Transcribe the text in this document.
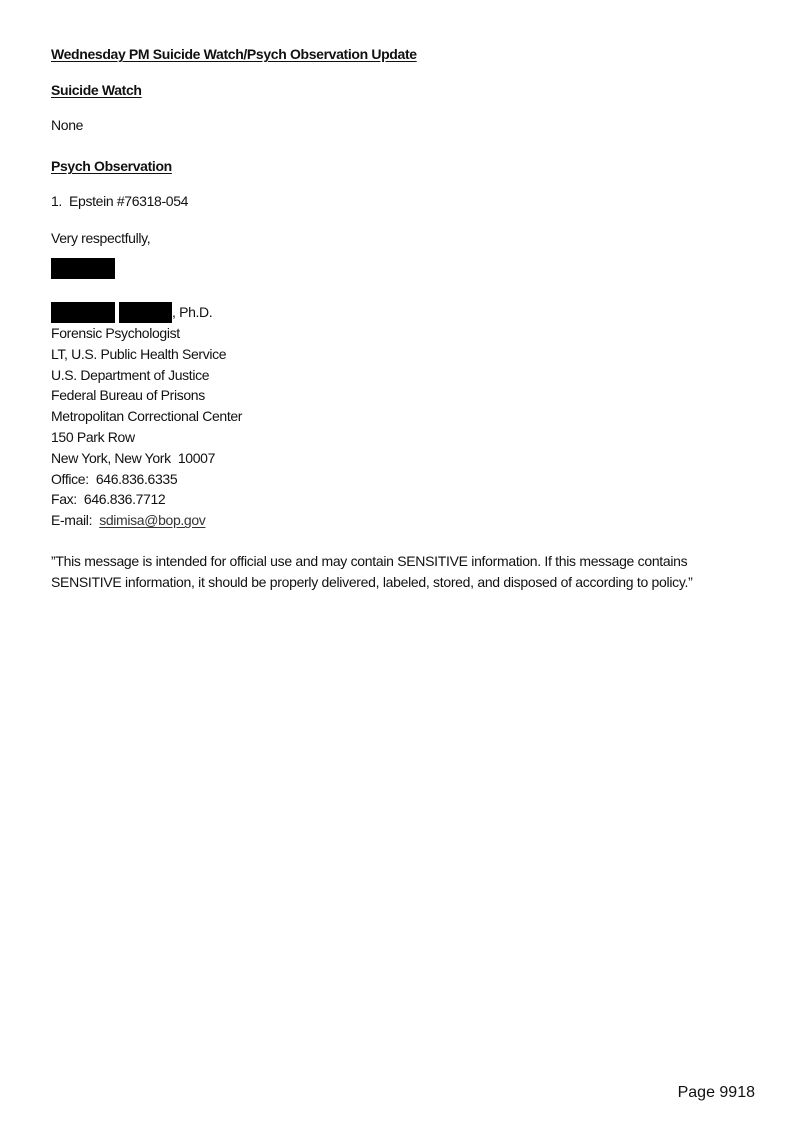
Wednesday PM Suicide Watch/Psych Observation Update
Suicide Watch
None
Psych Observation
1.  Epstein #76318-054
Very respectfully,
, Ph.D.
Forensic Psychologist
LT, U.S. Public Health Service
U.S. Department of Justice
Federal Bureau of Prisons
Metropolitan Correctional Center
150 Park Row
New York, New York  10007
Office:  646.836.6335
Fax:  646.836.7712
E-mail:  sdimisa@bop.gov
”This message is intended for official use and may contain SENSITIVE information. If this message contains SENSITIVE information, it should be properly delivered, labeled, stored, and disposed of according to policy.”
Page 9918
